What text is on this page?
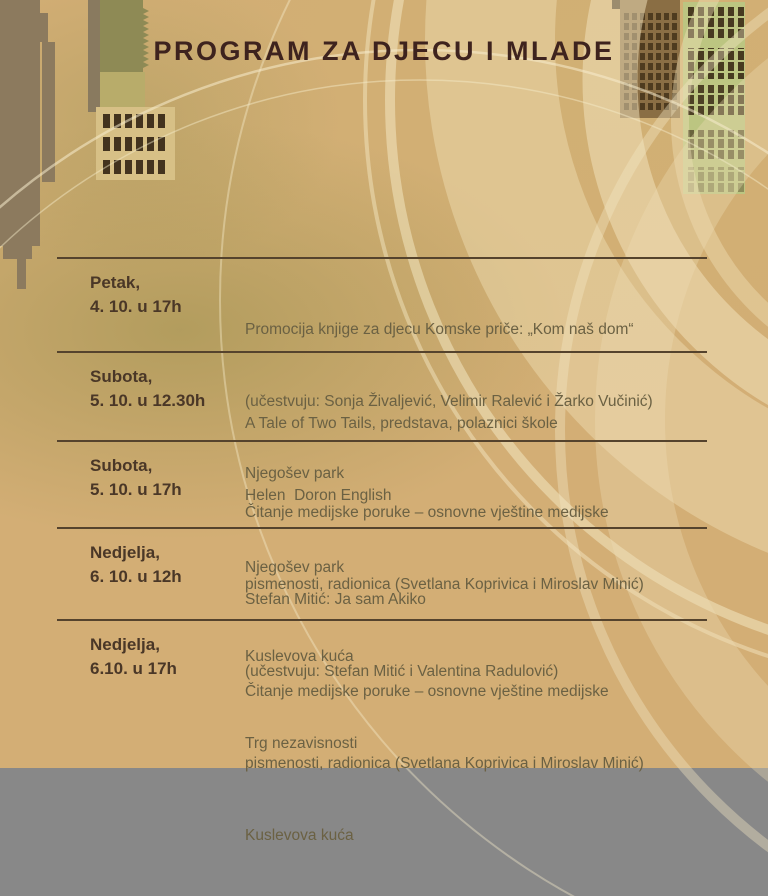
PROGRAM ZA DJECU I MLADE
Petak,
4. 10. u 17h

Promocija knjige za djecu Komske priče: „Kom naš dom“

(učestvuju: Sonja Živaljević, Velimir Ralević i Žarko Vučinić)

Njegošev park

Subota,
5. 10. u 12.30h

A Tale of Two Tails, predstava, polaznici škole

Helen  Doron English

Njegošev park

Subota,
5. 10. u 17h

Čitanje medijske poruke – osnovne vještine medijske

pismenosti, radionica (Svetlana Koprivica i Miroslav Minić)

Kuslevova kuća

Nedjelja,
6. 10. u 12h

Stefan Mitić: Ja sam Akiko

(učestvuju: Stefan Mitić i Valentina Radulović)

Trg nezavisnosti

Nedjelja,
6.10. u 17h

Čitanje medijske poruke – osnovne vještine medijske

pismenosti, radionica (Svetlana Koprivica i Miroslav Minić)

Kuslevova kuća
